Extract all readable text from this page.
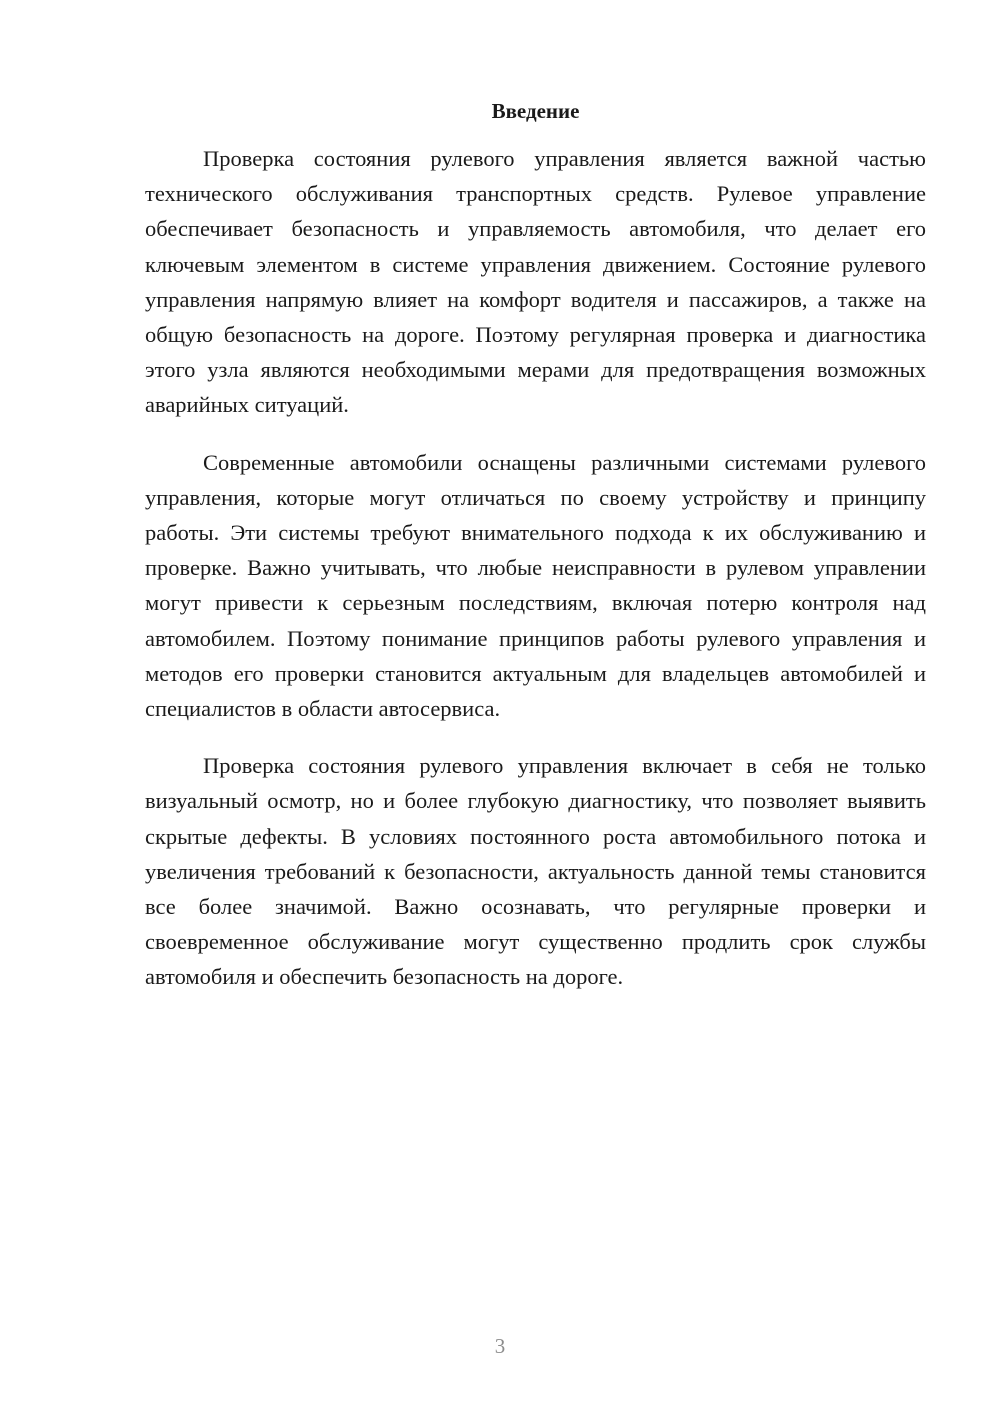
Введение

Проверка состояния рулевого управления является важной частью технического обслуживания транспортных средств. Рулевое управление обеспечивает безопасность и управляемость автомобиля, что делает его ключевым элементом в системе управления движением. Состояние рулевого управления напрямую влияет на комфорт водителя и пассажиров, а также на общую безопасность на дороге. Поэтому регулярная проверка и диагностика этого узла являются необходимыми мерами для предотвращения возможных аварийных ситуаций.

Современные автомобили оснащены различными системами рулевого управления, которые могут отличаться по своему устройству и принципу работы. Эти системы требуют внимательного подхода к их обслуживанию и проверке. Важно учитывать, что любые неисправности в рулевом управлении могут привести к серьезным последствиям, включая потерю контроля над автомобилем. Поэтому понимание принципов работы рулевого управления и методов его проверки становится актуальным для владельцев автомобилей и специалистов в области автосервиса.

Проверка состояния рулевого управления включает в себя не только визуальный осмотр, но и более глубокую диагностику, что позволяет выявить скрытые дефекты. В условиях постоянного роста автомобильного потока и увеличения требований к безопасности, актуальность данной темы становится все более значимой. Важно осознавать, что регулярные проверки и своевременное обслуживание могут существенно продлить срок службы автомобиля и обеспечить безопасность на дороге.

3
